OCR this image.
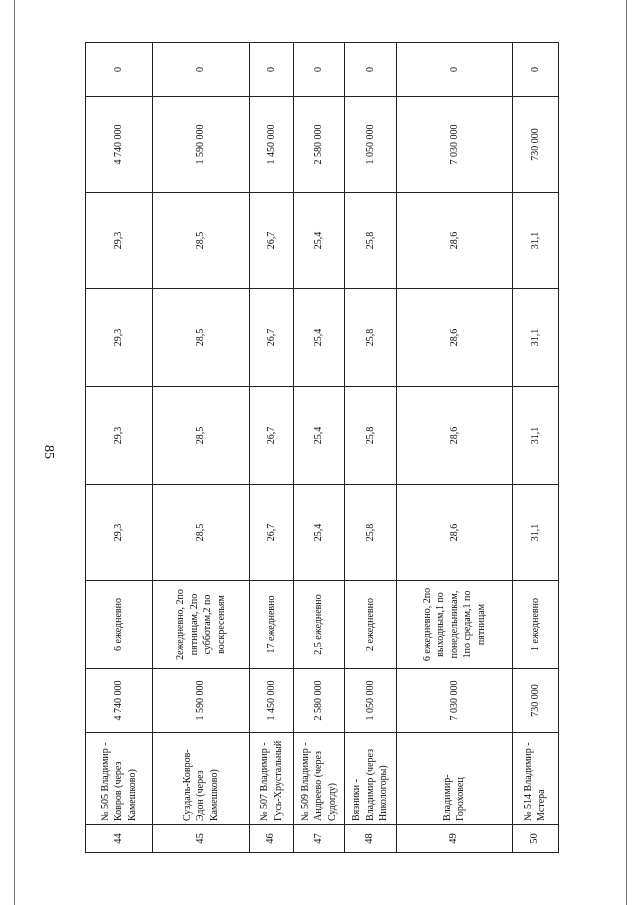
85
44	№ 505 Владимир - Ковров (через Камешково)	4 740 000	6 ежедневно	29,3	29,3	29,3	29,3	4 740 000	0
45	Суздаль-Ковров-Эдон (через Камешково)	1 590 000	2ежедневно, 2по пятницам, 2по субботам,2 по воскресеньям	28,5	28,5	28,5	28,5	1 590 000	0
46	№ 507 Владимир - Гусь-Хрустальный	1 450 000	17 ежедневно	26,7	26,7	26,7	26,7	1 450 000	0
47	№ 509 Владимир - Андреево (через Судогду)	2 580 000	2,5 ежедневно	25,4	25,4	25,4	25,4	2 580 000	0
48	Вязники - Владимир (через Никологоры)	1 050 000	2 ежедневно	25,8	25,8	25,8	25,8	1 050 000	0
49	Владимир-Гороховец	7 030 000	6 ежедневно, 2по выходным,1 по понедельникам, 1по средам,1 по пятницам	28,6	28,6	28,6	28,6	7 030 000	0
50	№ 514 Владимир - Мстера	730 000	1 ежедневно	31,1	31,1	31,1	31,1	730 000	0
